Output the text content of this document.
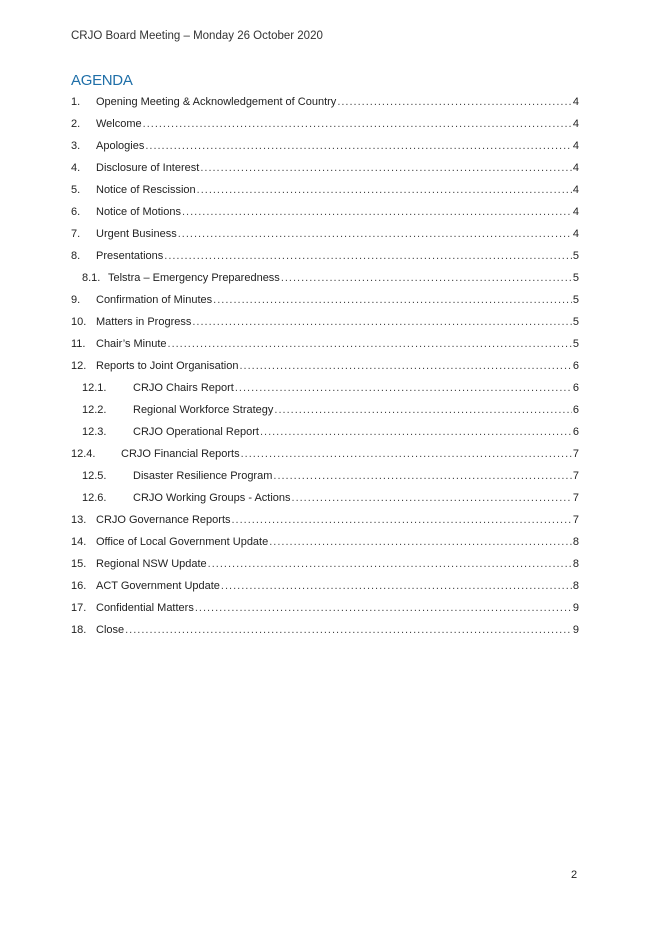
CRJO Board Meeting – Monday 26 October 2020
AGENDA
1.	Opening Meeting & Acknowledgement of Country .....	4
2.	Welcome .....	4
3.	Apologies .....	4
4.	Disclosure of Interest .....	4
5.	Notice of Rescission .....	4
6.	Notice of Motions .....	4
7.	Urgent Business .....	4
8.	Presentations .....	5
8.1. Telstra – Emergency Preparedness .....	5
9.	Confirmation of Minutes .....	5
10. Matters in Progress .....	5
11. Chair’s Minute .....	5
12. Reports to Joint Organisation .....	6
12.1.	CRJO Chairs Report .....	6
12.2.	Regional Workforce Strategy .....	6
12.3.	CRJO Operational Report .....	6
12.4.	CRJO Financial Reports .....	7
12.5.	Disaster Resilience Program .....	7
12.6.	CRJO Working Groups - Actions .....	7
13. CRJO Governance Reports .....	7
14. Office of Local Government Update .....	8
15. Regional NSW Update .....	8
16. ACT Government Update .....	8
17. Confidential Matters .....	9
18. Close .....	9
2
